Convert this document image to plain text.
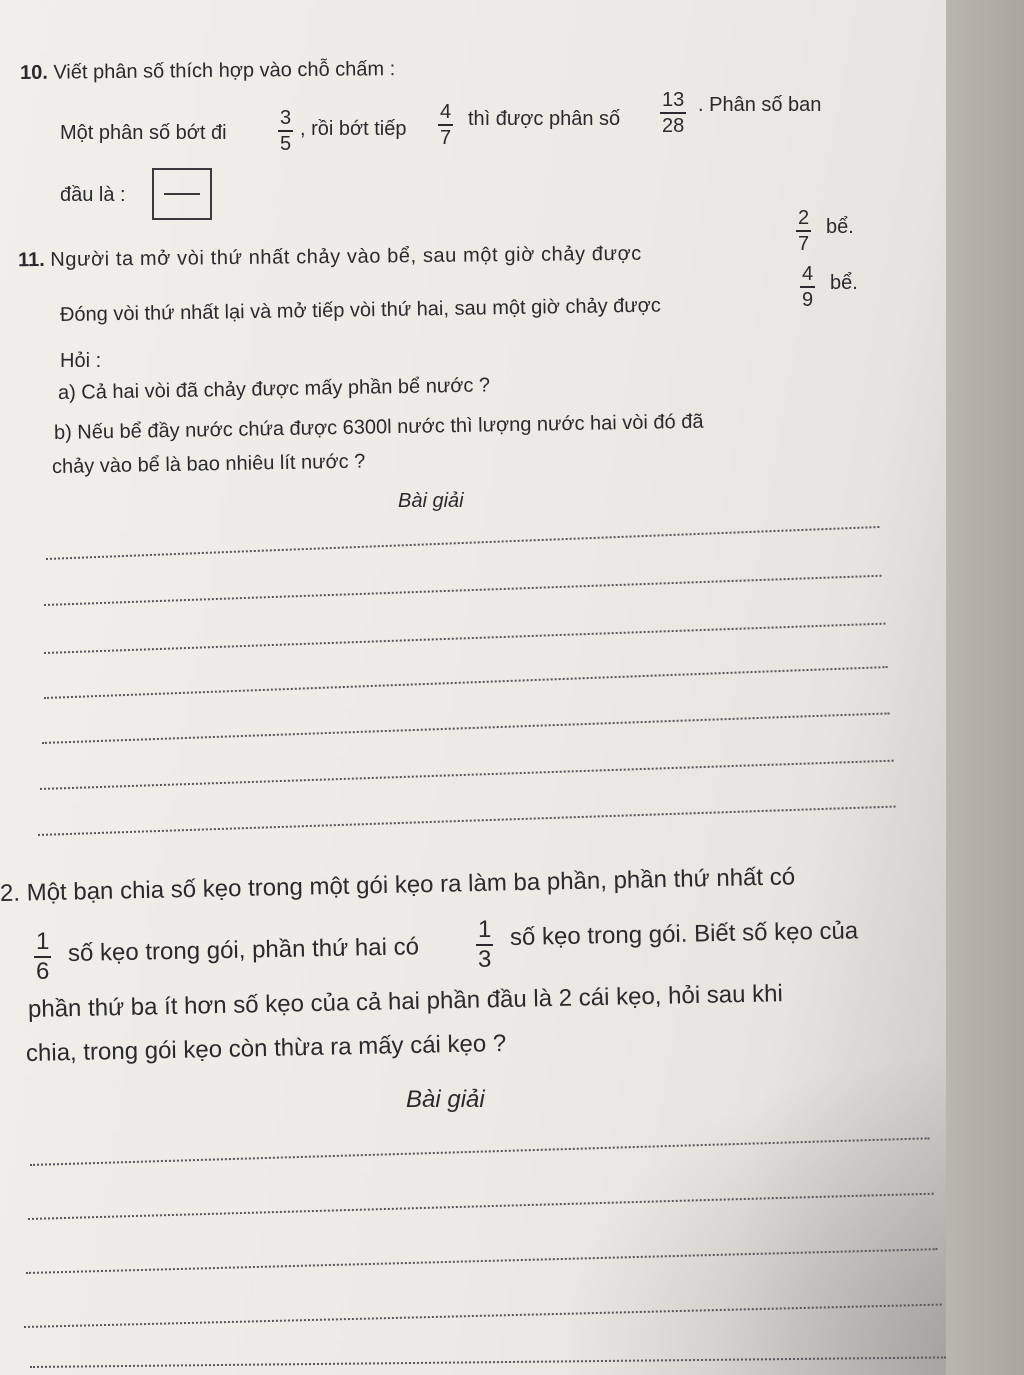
10. Viết phân số thích hợp vào chỗ chấm :
Một phân số bớt đi
3
5
, rồi bớt tiếp
4
7
thì được phân số
13
28
. Phân số ban
đầu là :
11. Người ta mở vòi thứ nhất chảy vào bể, sau một giờ chảy được
2
7
bể.
Đóng vòi thứ nhất lại và mở tiếp vòi thứ hai, sau một giờ chảy được
4
9
bể.
Hỏi :
a) Cả hai vòi đã chảy được mấy phần bể nước ?
b) Nếu bể đầy nước chứa được 6300l nước thì lượng nước hai vòi đó đã
chảy vào bể là bao nhiêu lít nước ?
Bài giải
2. Một bạn chia số kẹo trong một gói kẹo ra làm ba phần, phần thứ nhất có
1
6
số kẹo trong gói, phần thứ hai có
1
3
số kẹo trong gói. Biết số kẹo của
phần thứ ba ít hơn số kẹo của cả hai phần đầu là 2 cái kẹo, hỏi sau khi
chia, trong gói kẹo còn thừa ra mấy cái kẹo ?
Bài giải
